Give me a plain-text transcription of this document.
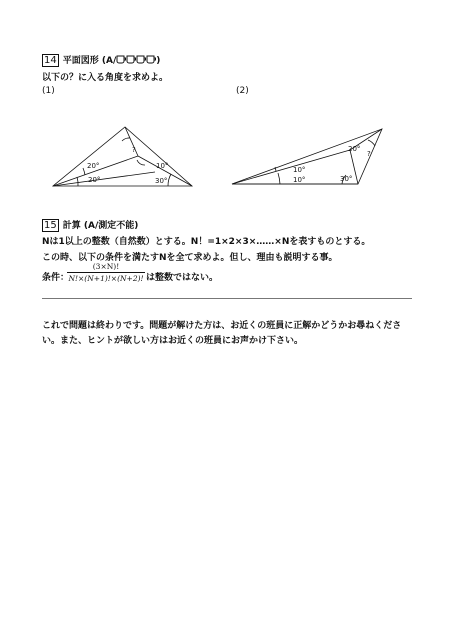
14 平面図形 (A/	)
以下の？に入る角度を求めよ。
(1)	(2)
20°
20°
10°
30°
?	20°
10°
10°	30°
?
15 計算 (A/測定不能)
Nは1以上の整数（自然数）とする。N！=1×2×3×……×Nを表すものとする。
この時、以下の条件を満たすNを全て求めよ。但し、理由も説明する事。
条件：
(3×N)!
N!×(N+1)!×(N+2)! は整数ではない。
これで問題は終わりです。問題が解けた方は、お近くの班員に正解かどうかお尋ねくださ
い。また、ヒントが欲しい方はお近くの班員にお声かけ下さい。
